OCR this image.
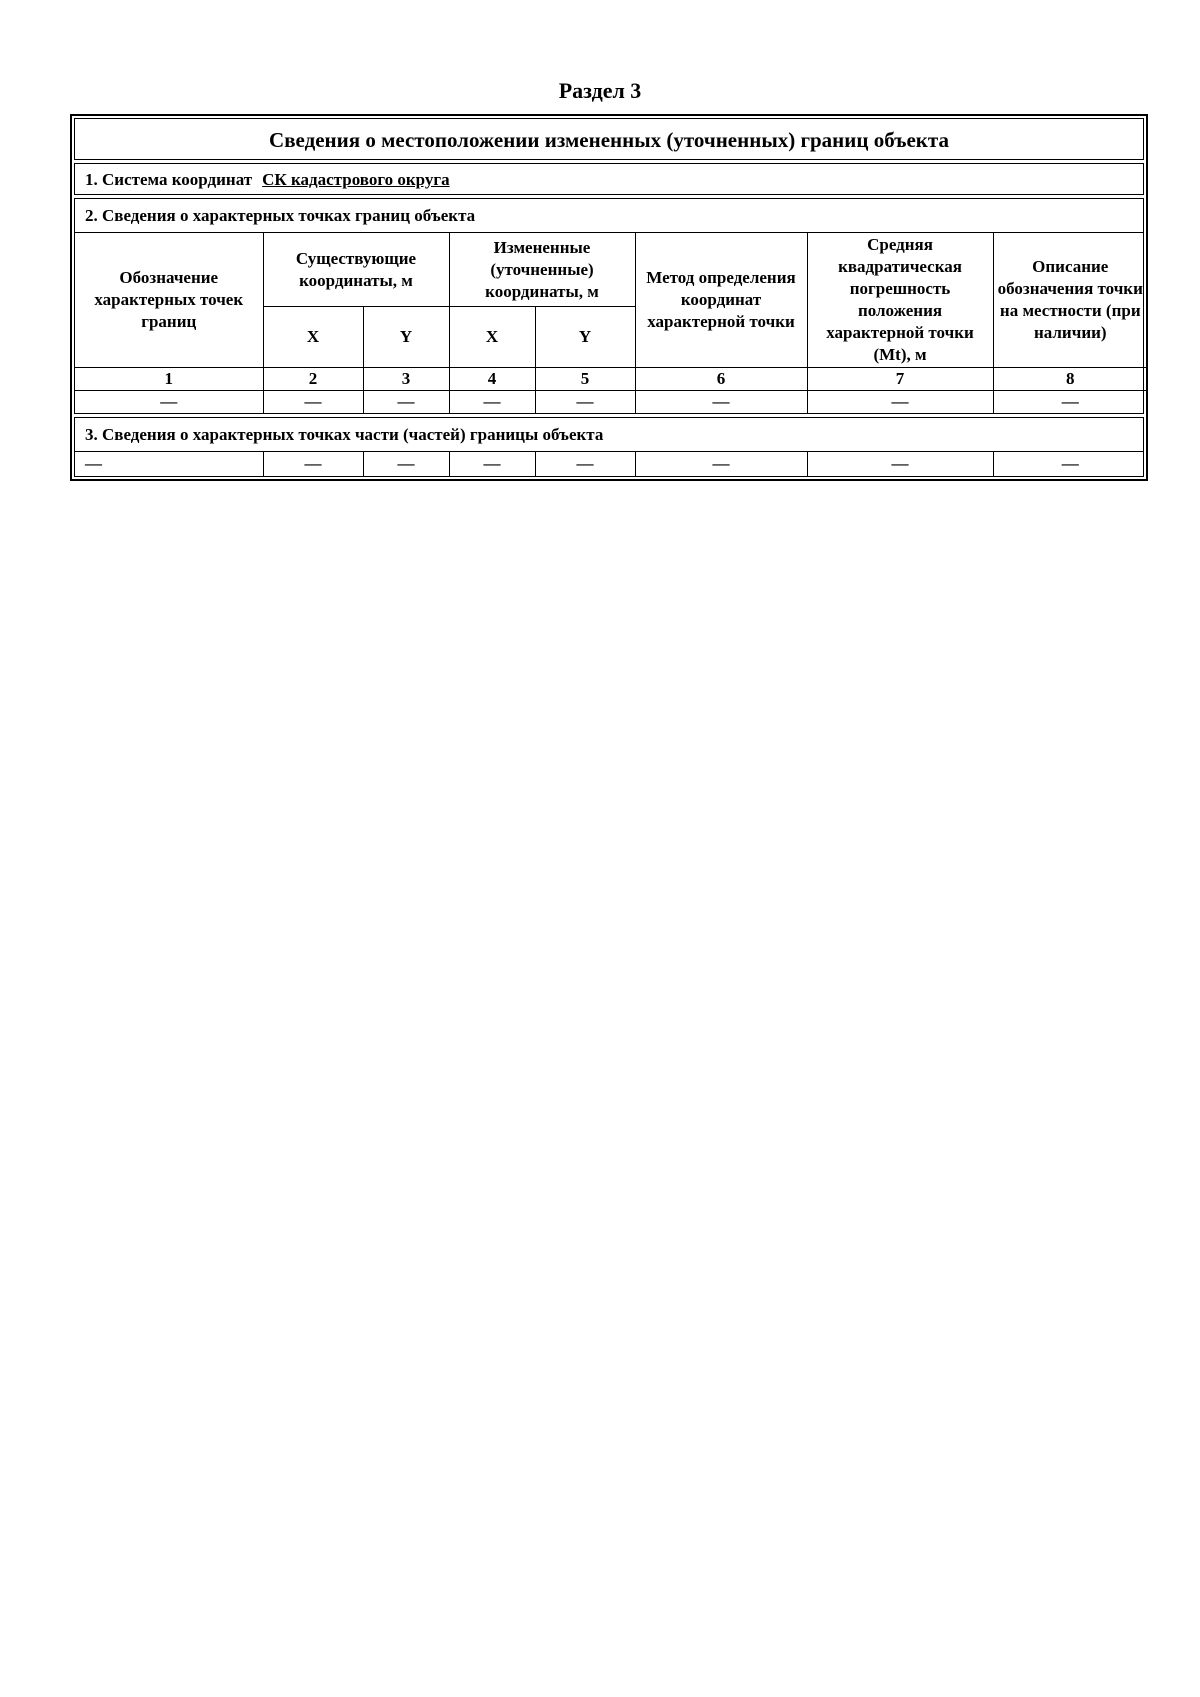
Раздел 3
Сведения о местоположении измененных (уточненных) границ объекта
1. Система координат СК кадастрового округа
2. Сведения о характерных точках границ объекта
Обозначение характерных точек границ	Существующие координаты, м		Измененные (уточненные) координаты, м		Метод определения координат характерной точки	Средняя квадратическая погрешность положения характерной точки (Mt), м	Описание обозначения точки на местности (при наличии)
	X	Y	X	Y			
1	2	3	4	5	6	7	8
—	—	—	—	—	—	—	—
3. Сведения о характерных точках части (частей) границы объекта
—	—	—	—	—	—	—	—
